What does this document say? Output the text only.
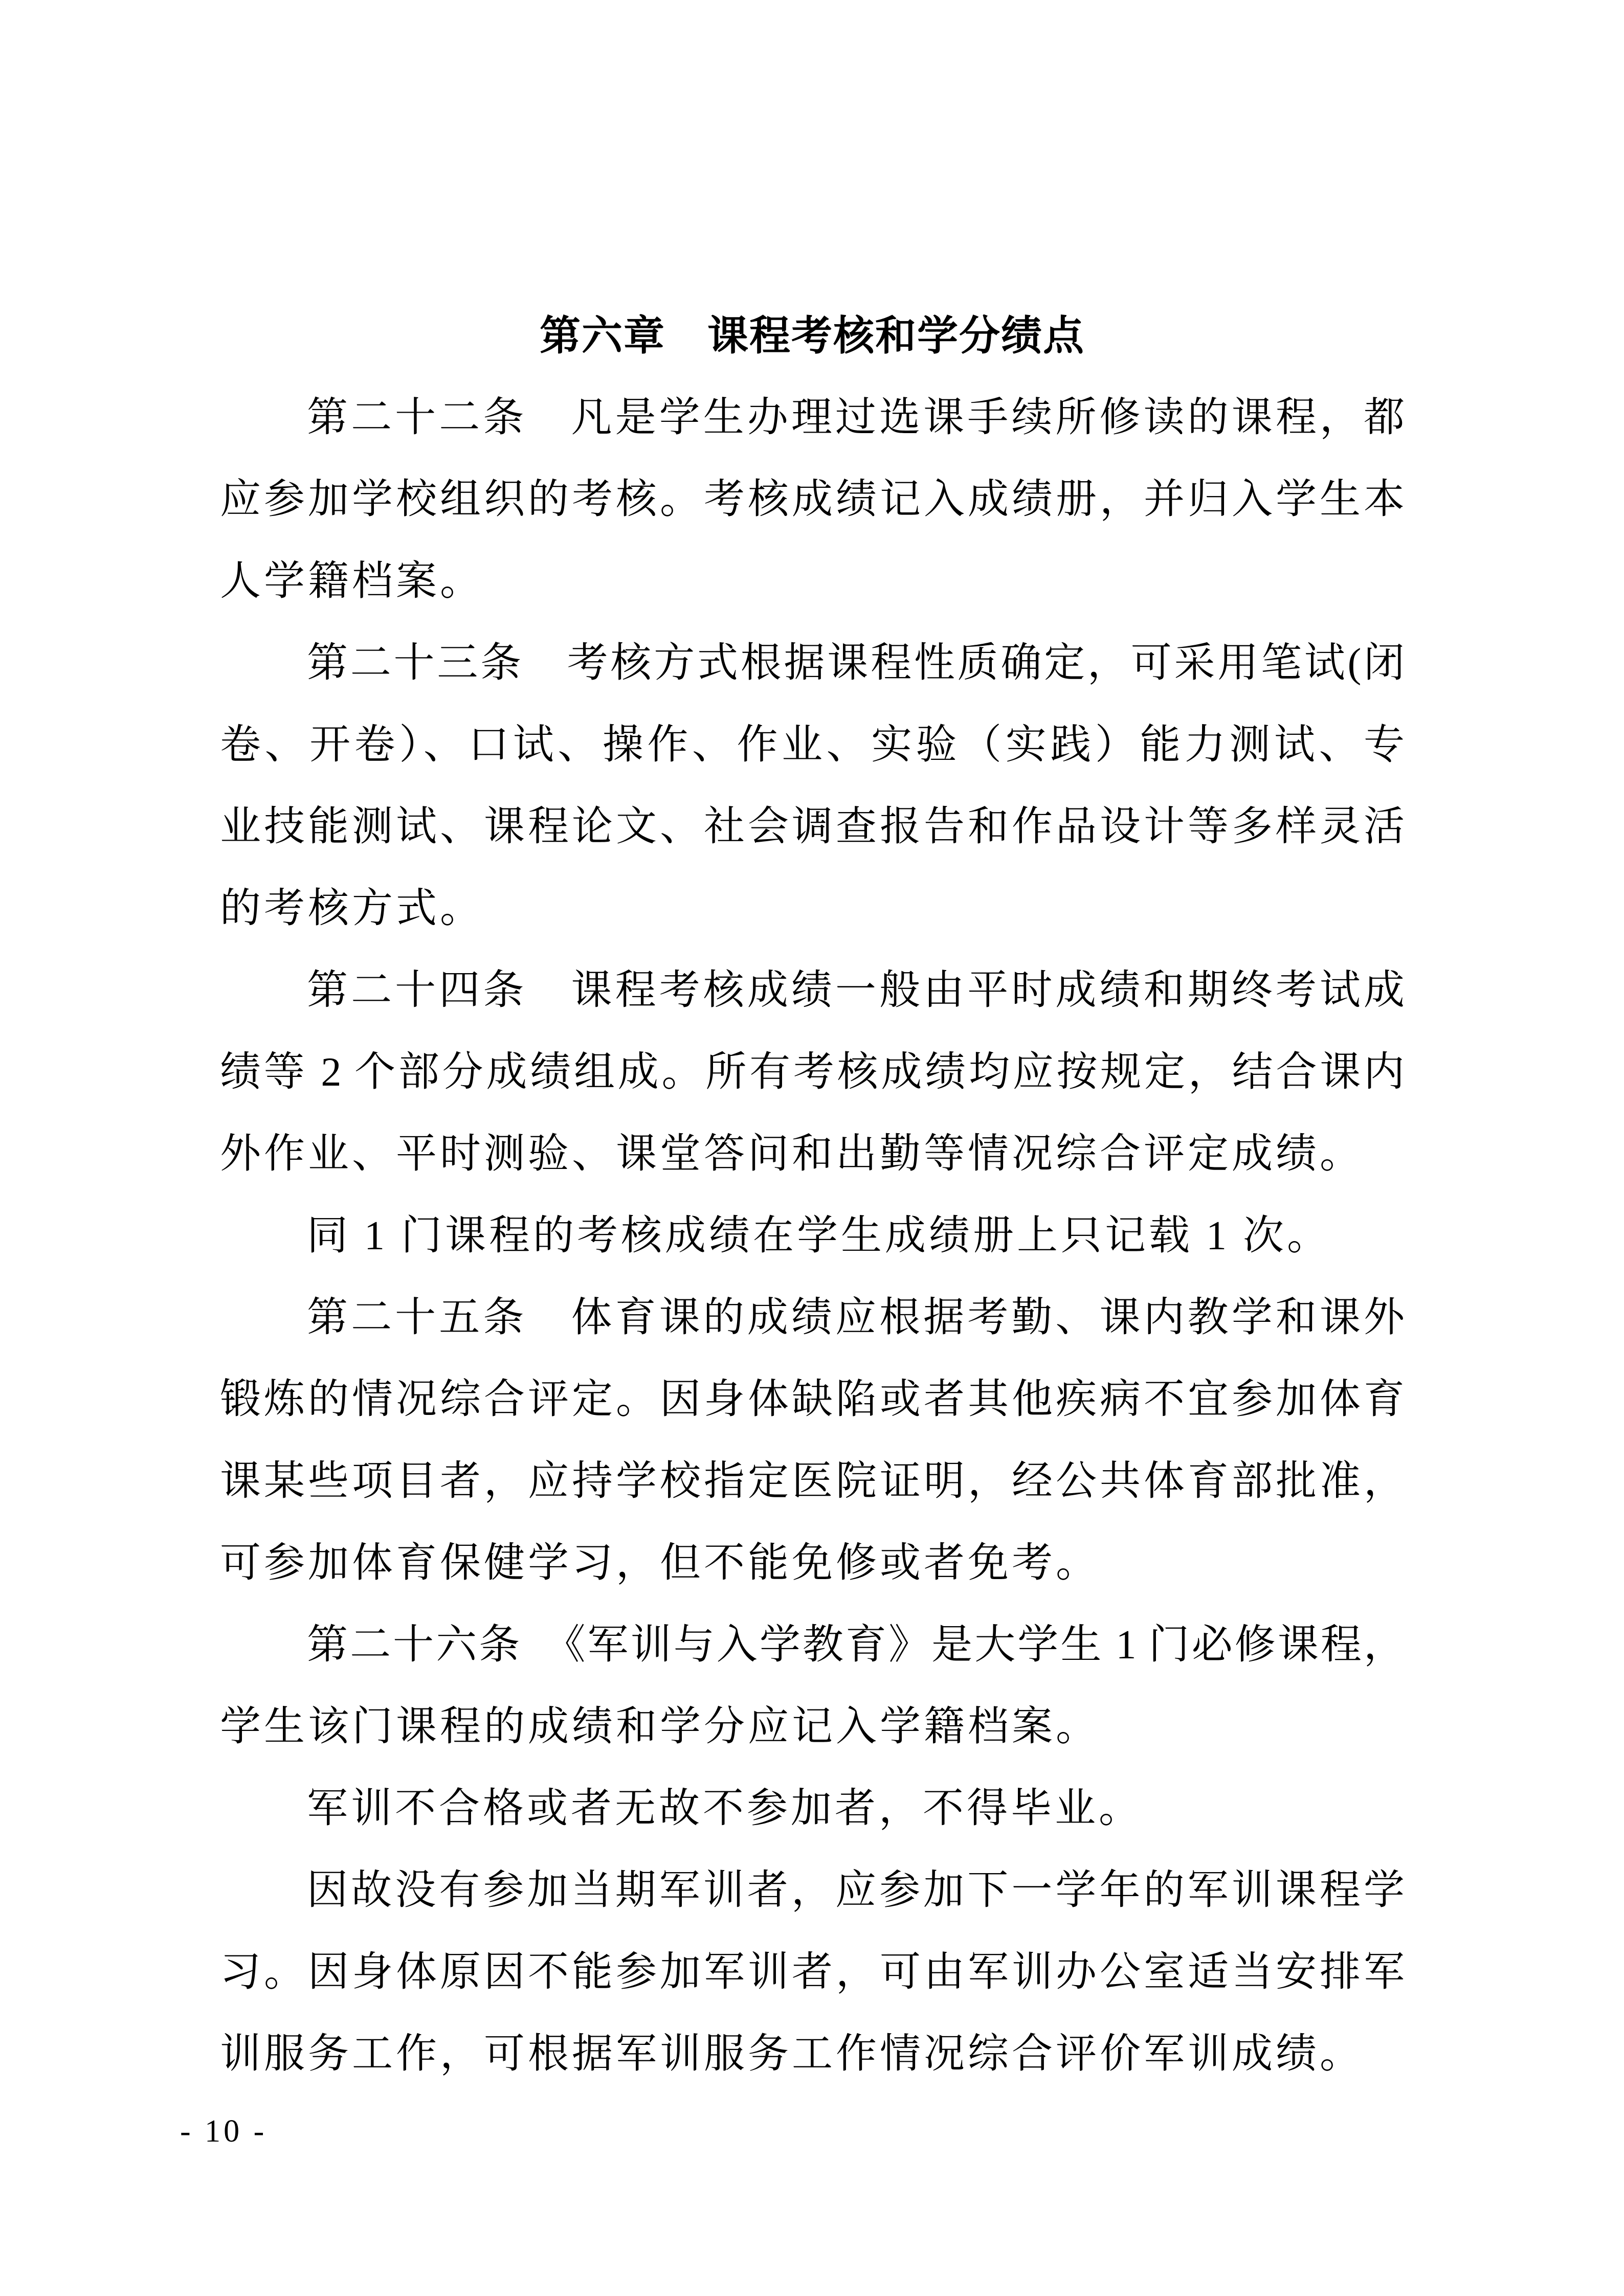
第六章　课程考核和学分绩点
第二十二条　凡是学生办理过选课手续所修读的课程，都
应参加学校组织的考核。考核成绩记入成绩册，并归入学生本
人学籍档案。
第二十三条　考核方式根据课程性质确定，可采用笔试(闭
卷、开卷）、口试、操作、作业、实验（实践）能力测试、专
业技能测试、课程论文、社会调查报告和作品设计等多样灵活
的考核方式。
第二十四条　课程考核成绩一般由平时成绩和期终考试成
绩等 2 个部分成绩组成。所有考核成绩均应按规定，结合课内
外作业、平时测验、课堂答问和出勤等情况综合评定成绩。
同 1 门课程的考核成绩在学生成绩册上只记载 1 次。
第二十五条　体育课的成绩应根据考勤、课内教学和课外
锻炼的情况综合评定。因身体缺陷或者其他疾病不宜参加体育
课某些项目者，应持学校指定医院证明，经公共体育部批准，
可参加体育保健学习，但不能免修或者免考。
第二十六条　《军训与入学教育》是大学生 1 门必修课程，
学生该门课程的成绩和学分应记入学籍档案。
军训不合格或者无故不参加者，不得毕业。
因故没有参加当期军训者，应参加下一学年的军训课程学
习。因身体原因不能参加军训者，可由军训办公室适当安排军
训服务工作，可根据军训服务工作情况综合评价军训成绩。
- 10 -
